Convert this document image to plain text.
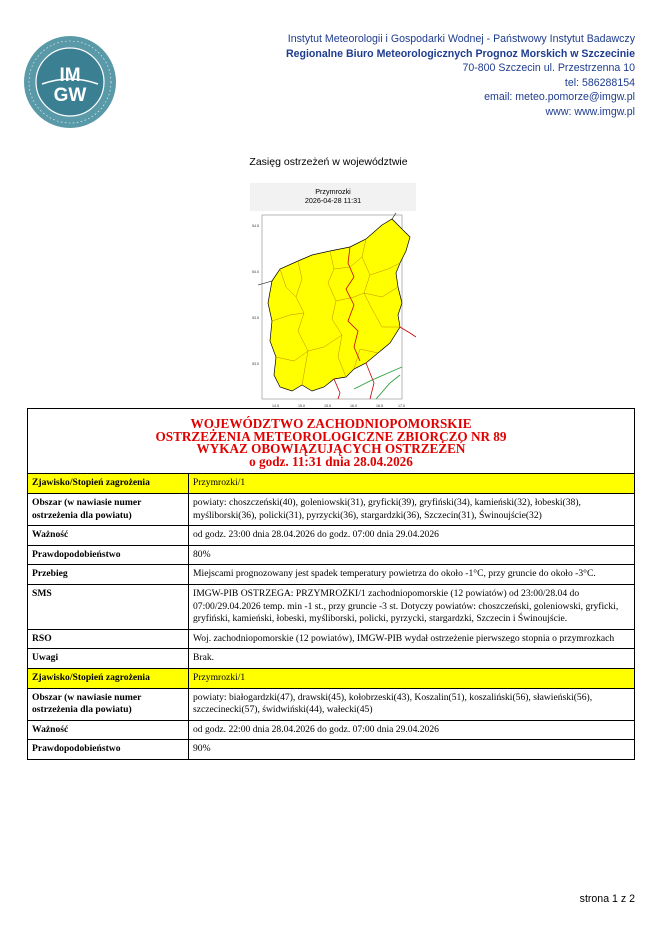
IM
GW
Instytut Meteorologii i Gospodarki Wodnej - Państwowy Instytut Badawczy
Regionalne Biuro Meteorologicznych Prognoz Morskich w Szczecinie
70-800 Szczecin ul. Przestrzenna 10
tel: 586288154
email: meteo.pomorze@imgw.pl
www: www.imgw.pl
Zasięg ostrzeżeń w województwie
Przymrozki
2026-04-28 11:31
54.5
54.0
53.5
53.0
14.5	15.0	15.5	16.0	16.5	17.0
WOJEWÓDZTWO ZACHODNIOPOMORSKIE
OSTRZEŻENIA METEOROLOGICZNE ZBIORCZO NR 89
WYKAZ OBOWIĄZUJĄCYCH OSTRZEŻEŃ
o godz. 11:31 dnia 28.04.2026	

Zjawisko/Stopień zagrożenia	Przymrozki/1
Obszar (w nawiasie numer ostrzeżenia dla powiatu)	powiaty: choszczeński(40), goleniowski(31), gryficki(39), gryfiński(34), kamieński(32), łobeski(38), myśliborski(36), policki(31), pyrzycki(36), stargardzki(36), Szczecin(31), Świnoujście(32)
Ważność	od godz. 23:00 dnia 28.04.2026 do godz. 07:00 dnia 29.04.2026
Prawdopodobieństwo	80%
Przebieg	Miejscami prognozowany jest spadek temperatury powietrza do około -1°C, przy gruncie do około -3°C.
SMS	IMGW-PIB OSTRZEGA: PRZYMROZKI/1 zachodniopomorskie (12 powiatów) od 23:00/28.04 do 07:00/29.04.2026 temp. min -1 st., przy gruncie -3 st. Dotyczy powiatów: choszczeński, goleniowski, gryficki, gryfiński, kamieński, łobeski, myśliborski, policki, pyrzycki, stargardzki, Szczecin i Świnoujście.
RSO	Woj. zachodniopomorskie (12 powiatów), IMGW-PIB wydał ostrzeżenie pierwszego stopnia o przymrozkach
Uwagi	Brak.
Zjawisko/Stopień zagrożenia	Przymrozki/1
Obszar (w nawiasie numer ostrzeżenia dla powiatu)	powiaty: białogardzki(47), drawski(45), kołobrzeski(43), Koszalin(51), koszaliński(56), sławieński(56), szczecinecki(57), świdwiński(44), wałecki(45)
Ważność	od godz. 22:00 dnia 28.04.2026 do godz. 07:00 dnia 29.04.2026
Prawdopodobieństwo	90%
strona 1 z 2
